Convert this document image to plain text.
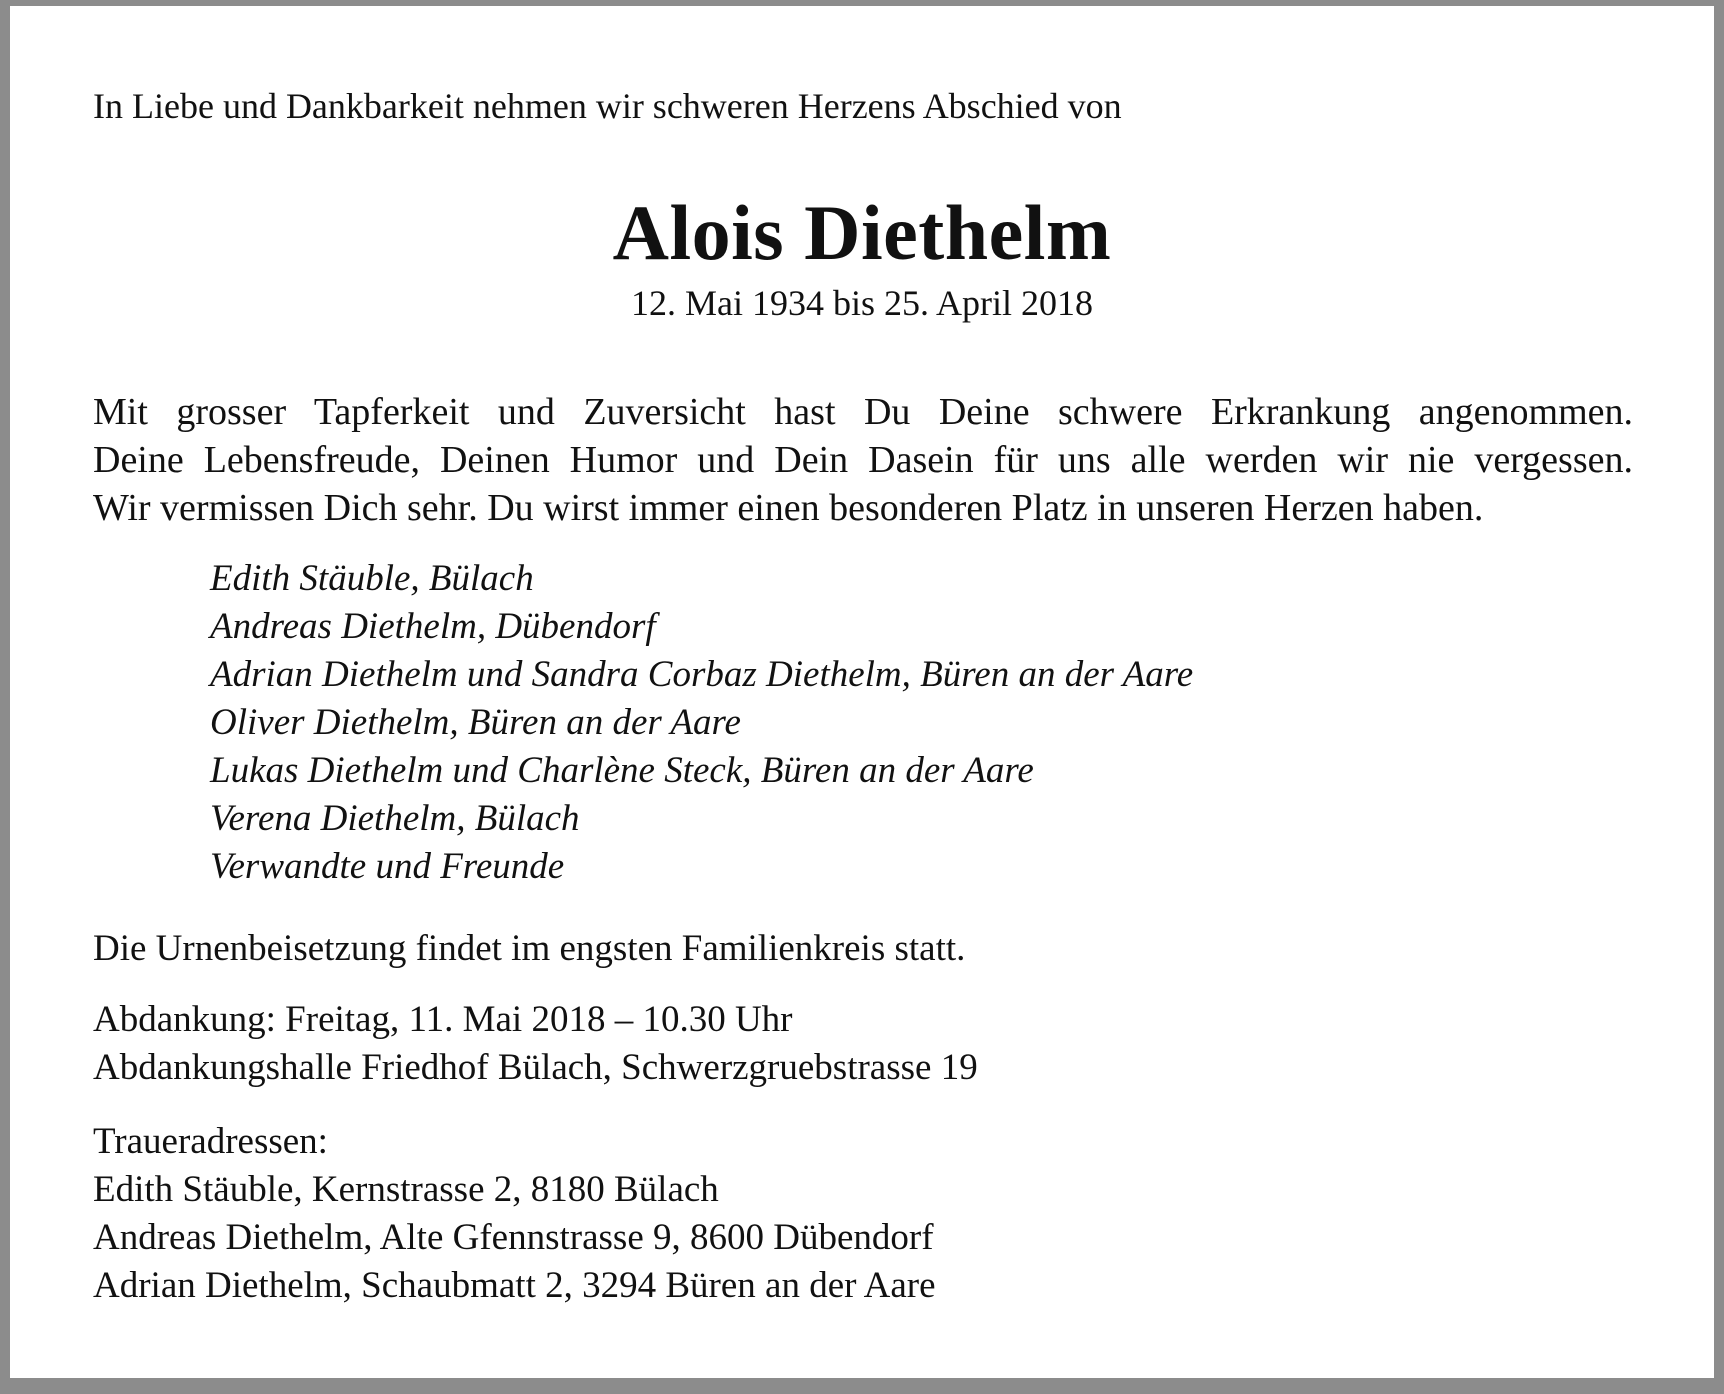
In Liebe und Dankbarkeit nehmen wir schweren Herzens Abschied von
Alois Diethelm
12. Mai 1934 bis 25. April 2018
Mit grosser Tapferkeit und Zuversicht hast Du Deine schwere Erkrankung angenommen.
Deine Lebensfreude, Deinen Humor und Dein Dasein für uns alle werden wir nie vergessen.
Wir vermissen Dich sehr. Du wirst immer einen besonderen Platz in unseren Herzen haben.
Edith Stäuble, Bülach
Andreas Diethelm, Dübendorf
Adrian Diethelm und Sandra Corbaz Diethelm, Büren an der Aare
Oliver Diethelm, Büren an der Aare
Lukas Diethelm und Charlène Steck, Büren an der Aare
Verena Diethelm, Bülach
Verwandte und Freunde
Die Urnenbeisetzung findet im engsten Familienkreis statt.
Abdankung: Freitag, 11. Mai 2018 – 10.30 Uhr
Abdankungshalle Friedhof Bülach, Schwerzgruebstrasse 19
Traueradressen:
Edith Stäuble, Kernstrasse 2, 8180 Bülach
Andreas Diethelm, Alte Gfennstrasse 9, 8600 Dübendorf
Adrian Diethelm, Schaubmatt 2, 3294 Büren an der Aare
